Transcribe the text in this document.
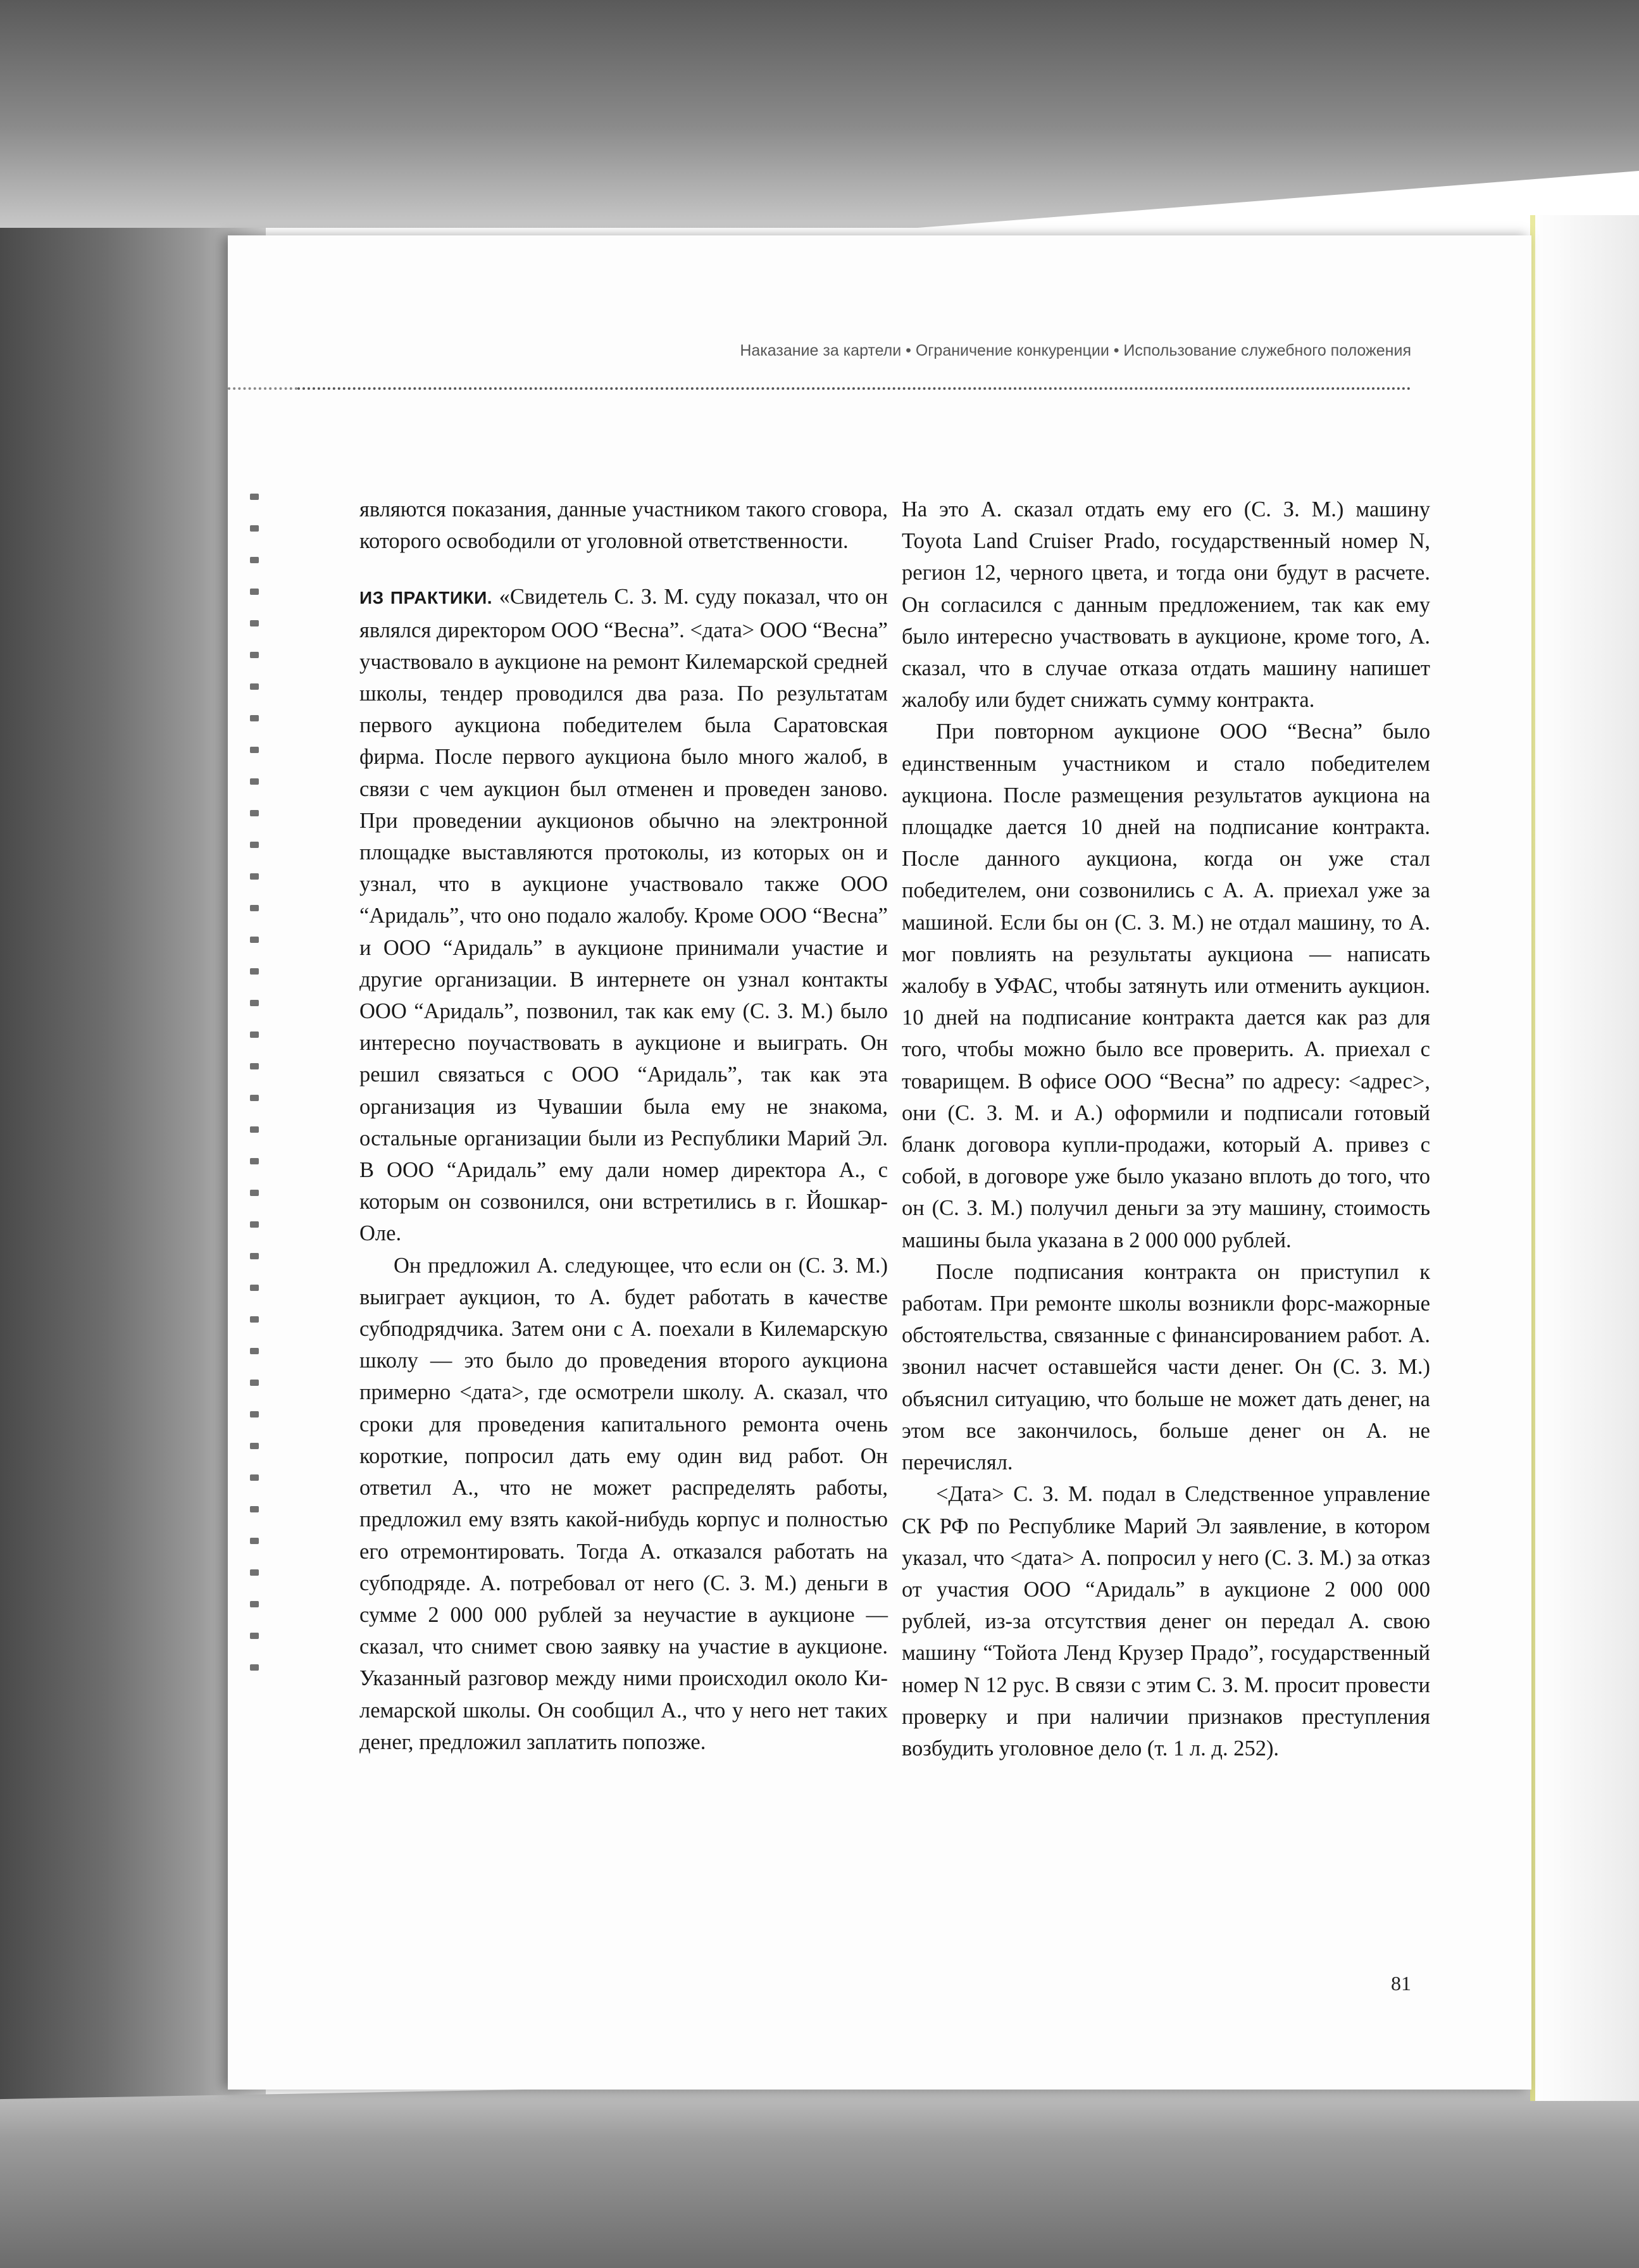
Наказание за картели • Ограничение конкуренции • Использование служебного положения

являются показания, данные участником такого сговора, которого освободили от уголовной ответственности.

ИЗ ПРАКТИКИ. «Свидетель С. З. М. суду показал, что он являлся директором ООО “Весна”. <дата> ООО “Весна” участвовало в аукционе на ремонт Килемарской средней школы, тендер проводился два раза. По результатам первого аукциона победителем была Саратовская фирма. После первого аукциона было много жалоб, в связи с чем аукцион был отменен и проведен заново. При проведении аукционов обычно на электронной площадке выставляются протоколы, из которых он и узнал, что в аукционе участвовало также ООО “Аридаль”, что оно подало жалобу. Кроме ООО “Весна” и ООО “Аридаль” в аукционе принимали участие и другие организации. В интернете он узнал контакты ООО “Аридаль”, позвонил, так как ему (С. З. М.) было интересно поучаствовать в аукционе и выиграть. Он решил связаться с ООО “Аридаль”, так как эта организация из Чувашии была ему не знакома, остальные организации были из Республики Марий Эл. В ООО “Аридаль” ему дали номер директора А., с которым он созвонился, они встретились в г. Йошкар-Оле.

Он предложил А. следующее, что если он (С. З. М.) выиграет аукцион, то А. будет работать в качестве субподрядчика. Затем они с А. поехали в Килемарскую школу — это было до проведения второго аукциона примерно <дата>, где осмотрели школу. А. сказал, что сроки для проведения капитального ремонта очень короткие, попросил дать ему один вид работ. Он ответил А., что не может распределять работы, предложил ему взять какой-нибудь корпус и полностью его отремонтировать. Тогда А. отказался работать на субподряде. А. потребовал от него (С. З. М.) деньги в сумме 2 000 000 рублей за неучастие в аукционе — сказал, что снимет свою заявку на участие в аукционе. Указанный разговор между ними происходил около Килемарской школы. Он сообщил А., что у него нет таких денег, предложил заплатить попозже.

На это А. сказал отдать ему его (С. З. М.) машину Toyota Land Cruiser Prado, государственный номер N, регион 12, черного цвета, и тогда они будут в расчете. Он согласился с данным предложением, так как ему было интересно участвовать в аукционе, кроме того, А. сказал, что в случае отказа отдать машину напишет жалобу или будет снижать сумму контракта.

При повторном аукционе ООО “Весна” было единственным участником и стало победителем аукциона. После размещения результатов аукциона на площадке дается 10 дней на подписание контракта. После данного аукциона, когда он уже стал победителем, они созвонились с А. А. приехал уже за машиной. Если бы он (С. З. М.) не отдал машину, то А. мог повлиять на результаты аукциона — написать жалобу в УФАС, чтобы затянуть или отменить аукцион. 10 дней на подписание контракта дается как раз для того, чтобы можно было все проверить. А. приехал с товарищем. В офисе ООО “Весна” по адресу: <адрес>, они (С. З. М. и А.) оформили и подписали готовый бланк договора купли-продажи, который А. привез с собой, в договоре уже было указано вплоть до того, что он (С. З. М.) получил деньги за эту машину, стоимость машины была указана в 2 000 000 рублей.

После подписания контракта он приступил к работам. При ремонте школы возникли форс-мажорные обстоятельства, связанные с финансированием работ. А. звонил насчет оставшейся части денег. Он (С. З. М.) объяснил ситуацию, что больше не может дать денег, на этом все закончилось, больше денег он А. не перечислял.

<Дата> С. З. М. подал в Следственное управление СК РФ по Республике Марий Эл заявление, в котором указал, что <дата> А. попросил у него (С. З. М.) за отказ от участия ООО “Аридаль” в аукционе 2 000 000 рублей, из-за отсутствия денег он передал А. свою машину “Тойота Ленд Крузер Прадо”, государственный номер N 12 рус. В связи с этим С. З. М. просит провести проверку и при наличии признаков преступления возбудить уголовное дело (т. 1 л. д. 252).

81
